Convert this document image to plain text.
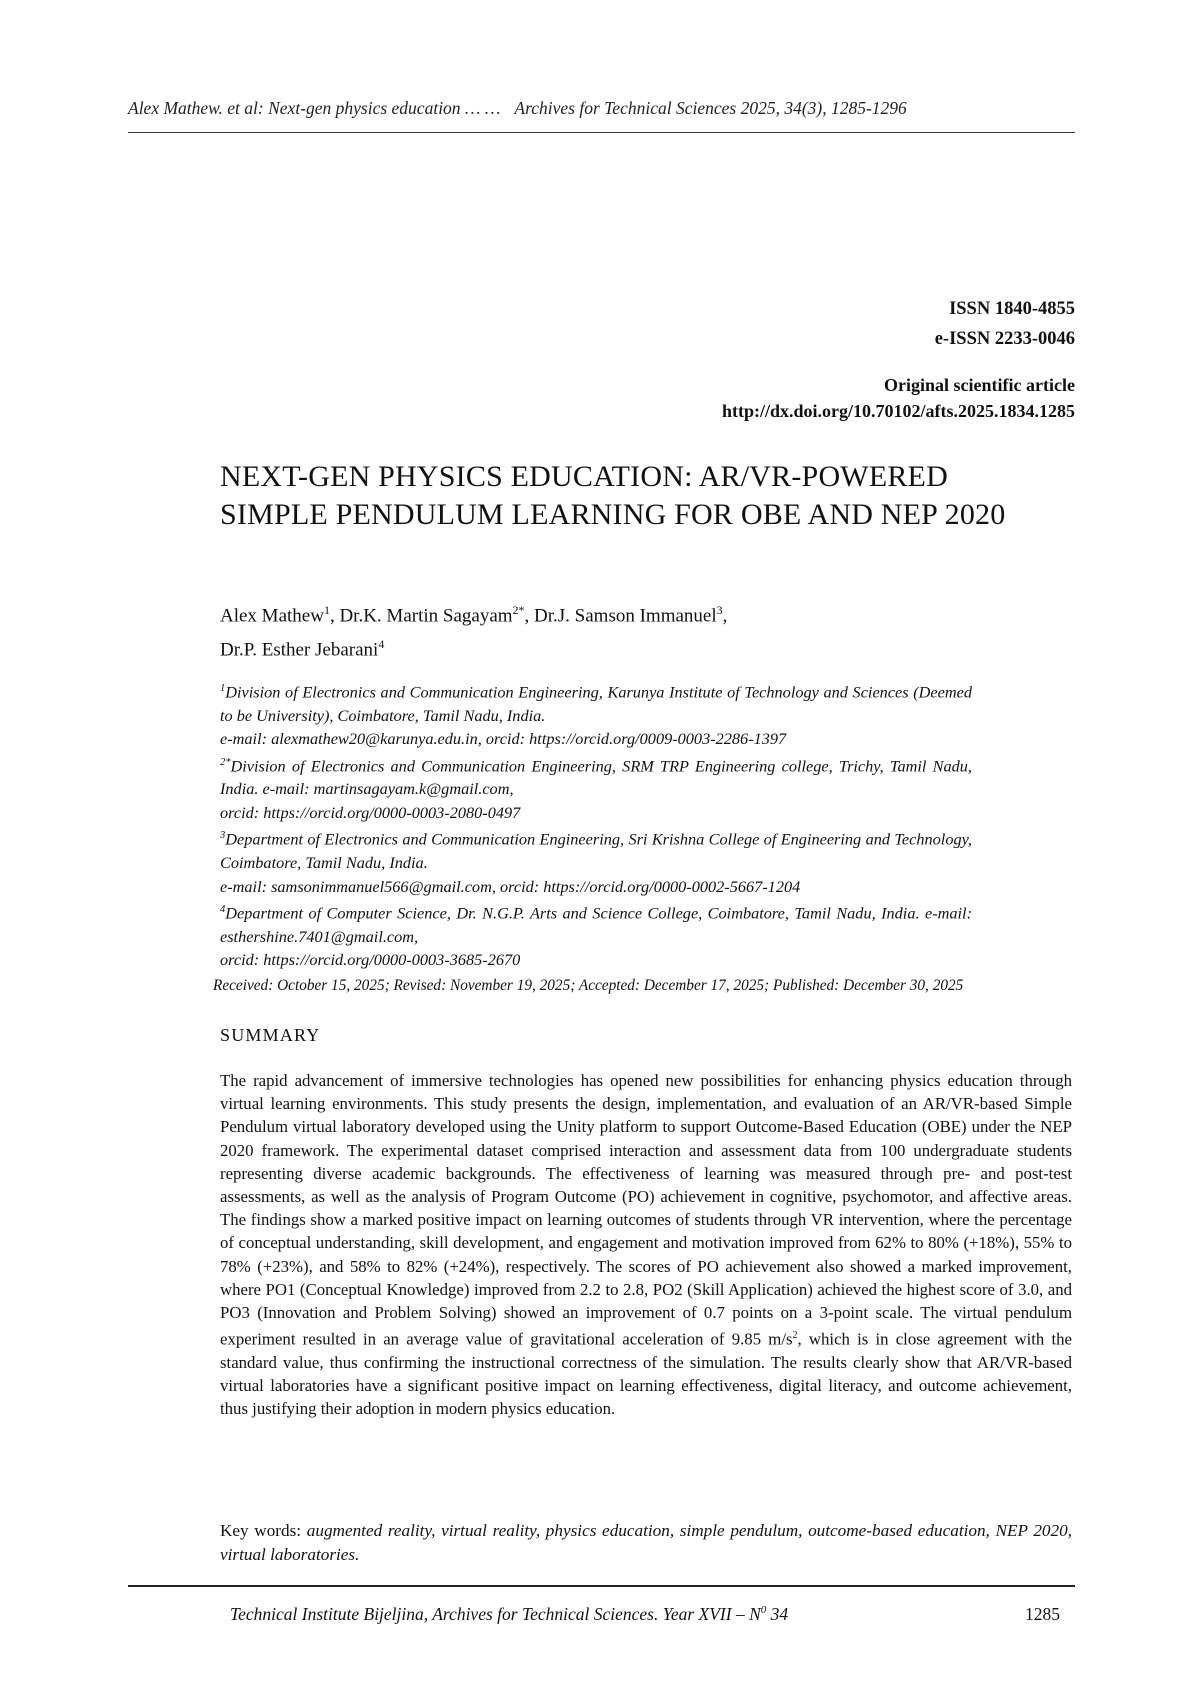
Alex Mathew. et al: Next-gen physics education … … Archives for Technical Sciences 2025, 34(3), 1285-1296
ISSN 1840-4855
e-ISSN 2233-0046
Original scientific article
http://dx.doi.org/10.70102/afts.2025.1834.1285
NEXT-GEN PHYSICS EDUCATION: AR/VR-POWERED SIMPLE PENDULUM LEARNING FOR OBE AND NEP 2020
Alex Mathew$^1$, Dr.K. Martin Sagayam$^{2*}$, Dr.J. Samson Immanuel$^3$,
Dr.P. Esther Jebarani$^4$
$^1$Division of Electronics and Communication Engineering, Karunya Institute of Technology and Sciences (Deemed to be University), Coimbatore, Tamil Nadu, India.
e-mail: alexmathew20@karunya.edu.in, orcid: https://orcid.org/0009-0003-2286-1397
$^{2*}$Division of Electronics and Communication Engineering, SRM TRP Engineering college, Trichy, Tamil Nadu, India. e-mail: martinsagayam.k@gmail.com,
orcid: https://orcid.org/0000-0003-2080-0497
$^3$Department of Electronics and Communication Engineering, Sri Krishna College of Engineering and Technology, Coimbatore, Tamil Nadu, India.
e-mail: samsonimmanuel566@gmail.com, orcid: https://orcid.org/0000-0002-5667-1204
$^4$Department of Computer Science, Dr. N.G.P. Arts and Science College, Coimbatore, Tamil Nadu, India. e-mail: esthershine.7401@gmail.com,
orcid: https://orcid.org/0000-0003-3685-2670
Received: October 15, 2025; Revised: November 19, 2025; Accepted: December 17, 2025; Published: December 30, 2025
SUMMARY

The rapid advancement of immersive technologies has opened new possibilities for enhancing physics education through virtual learning environments. This study presents the design, implementation, and evaluation of an AR/VR-based Simple Pendulum virtual laboratory developed using the Unity platform to support Outcome-Based Education (OBE) under the NEP 2020 framework. The experimental dataset comprised interaction and assessment data from 100 undergraduate students representing diverse academic backgrounds. The effectiveness of learning was measured through pre- and post-test assessments, as well as the analysis of Program Outcome (PO) achievement in cognitive, psychomotor, and affective areas. The findings show a marked positive impact on learning outcomes of students through VR intervention, where the percentage of conceptual understanding, skill development, and engagement and motivation improved from 62% to 80% (+18%), 55% to 78% (+23%), and 58% to 82% (+24%), respectively. The scores of PO achievement also showed a marked improvement, where PO1 (Conceptual Knowledge) improved from 2.2 to 2.8, PO2 (Skill Application) achieved the highest score of 3.0, and PO3 (Innovation and Problem Solving) showed an improvement of 0.7 points on a 3-point scale. The virtual pendulum experiment resulted in an average value of gravitational acceleration of 9.85 $m/s^2$, which is in close agreement with the standard value, thus confirming the instructional correctness of the simulation. The results clearly show that AR/VR-based virtual laboratories have a significant positive impact on learning effectiveness, digital literacy, and outcome achievement, thus justifying their adoption in modern physics education.

Key words: augmented reality, virtual reality, physics education, simple pendulum, outcome-based education, NEP 2020, virtual laboratories.
Technical Institute Bijeljina, Archives for Technical Sciences. Year XVII – $N^0$ 34	1285
